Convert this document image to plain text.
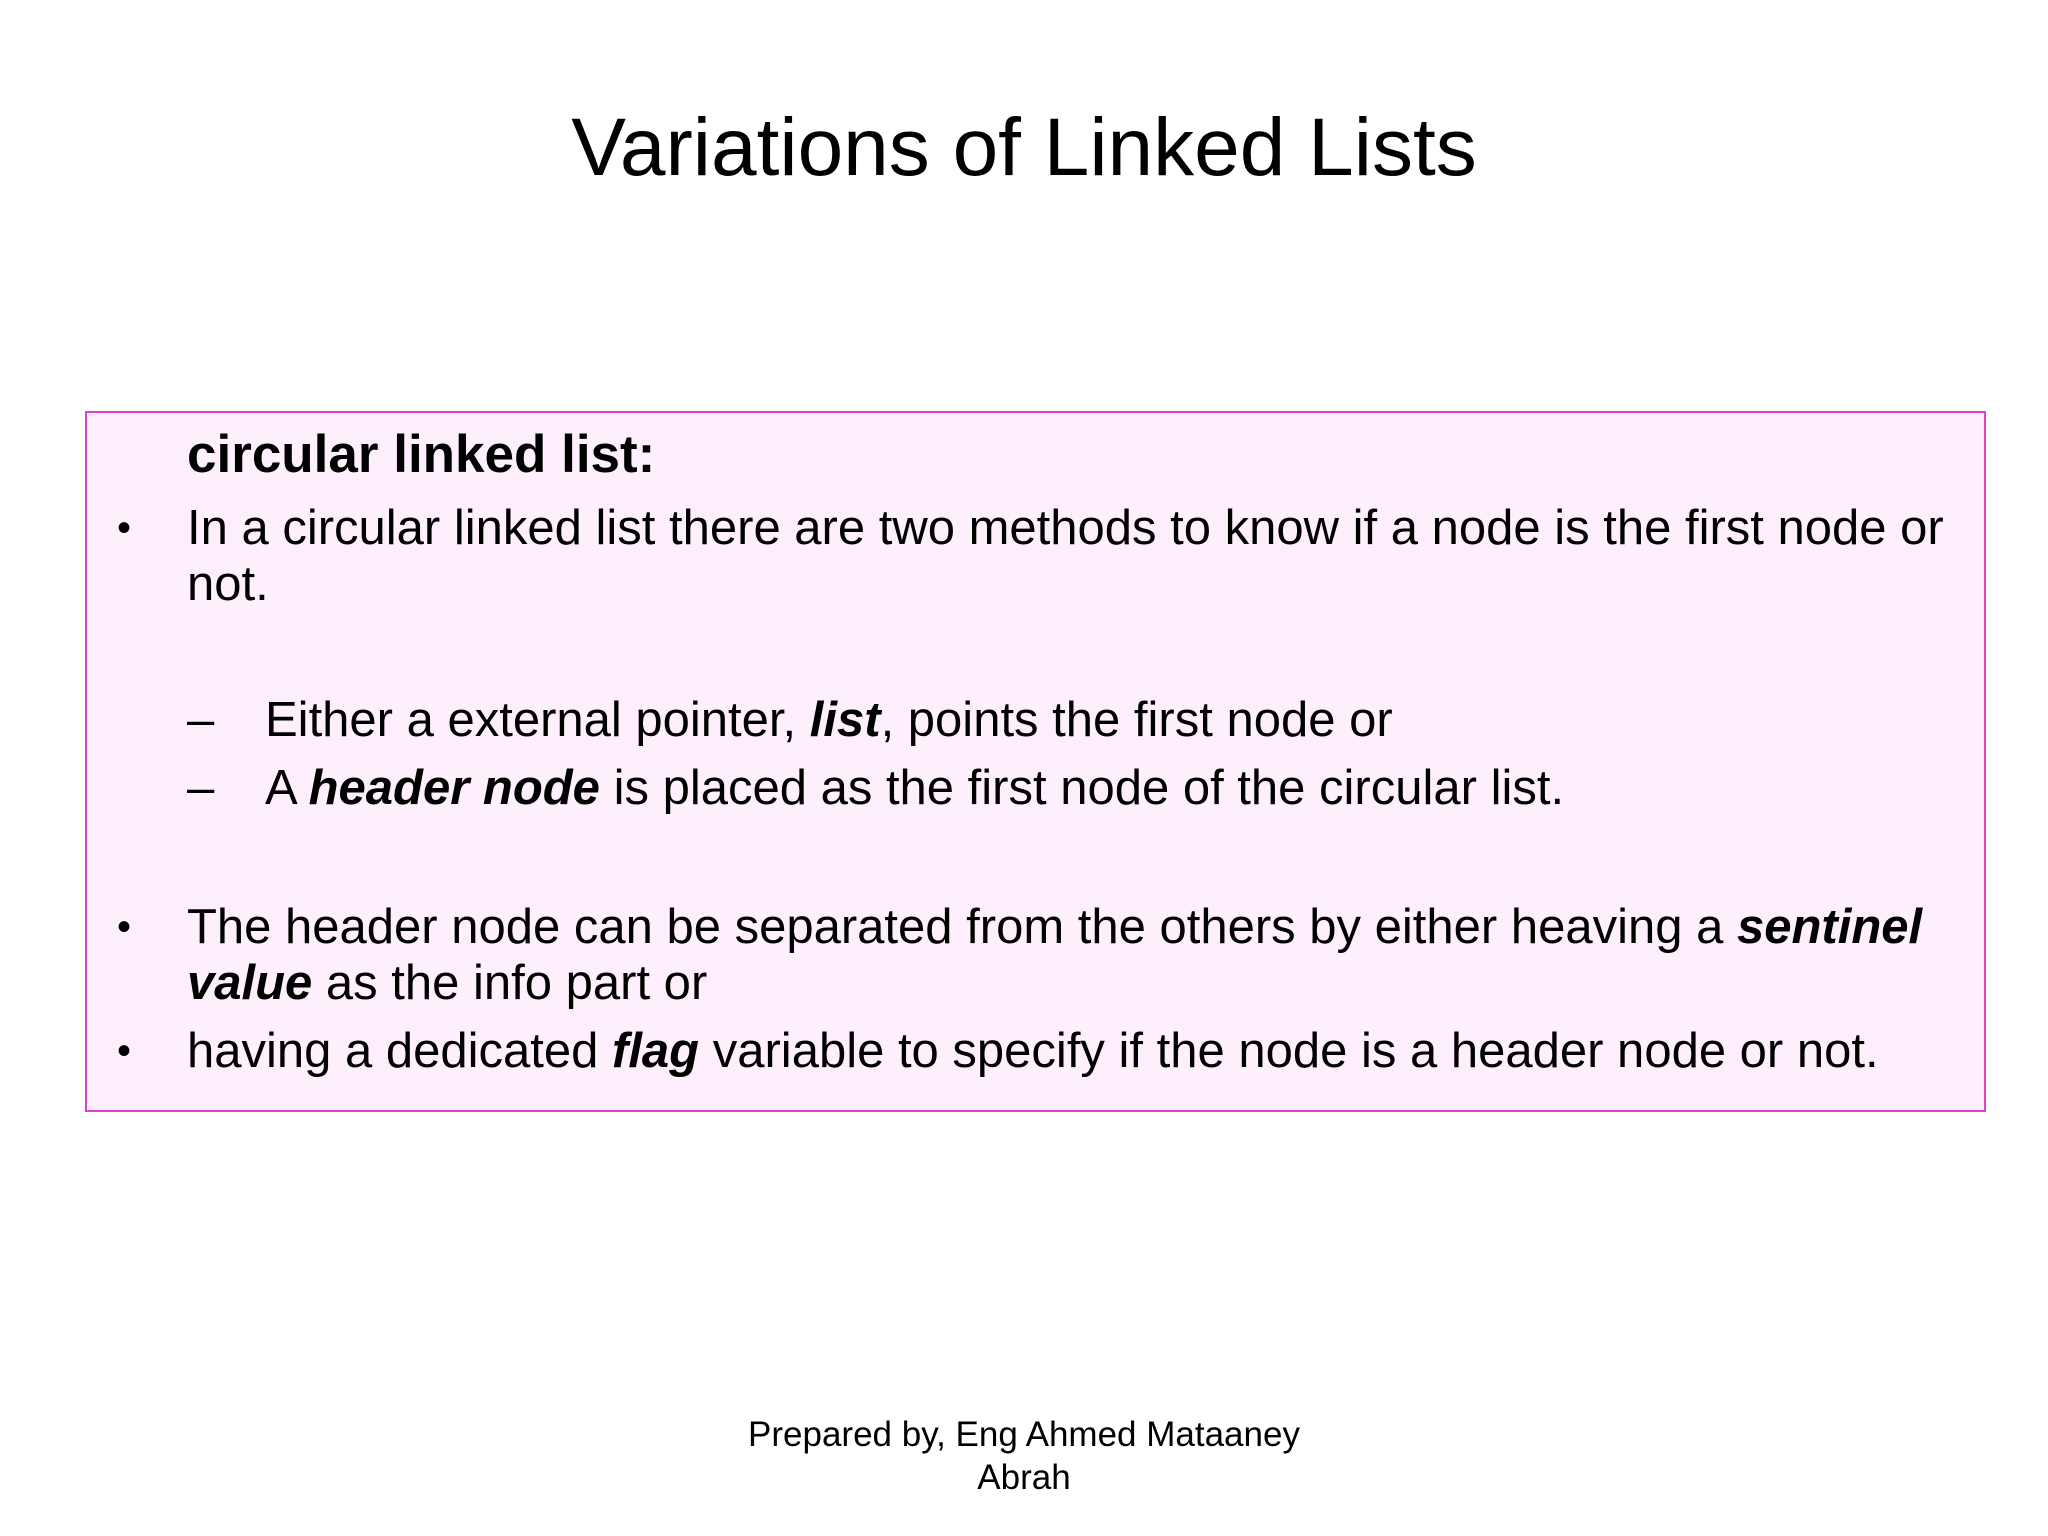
Variations of Linked Lists
circular linked list:
• In a circular linked list there are two methods to know if a node is the first node or not.
– Either a external pointer, list, points the first node or
– A header node is placed as the first node of the circular list.
• The header node can be separated from the others by either heaving a sentinel value as the info part or
• having a dedicated flag variable to specify if the node is a header node or not.
Prepared by, Eng Ahmed Mataaney
Abrah
